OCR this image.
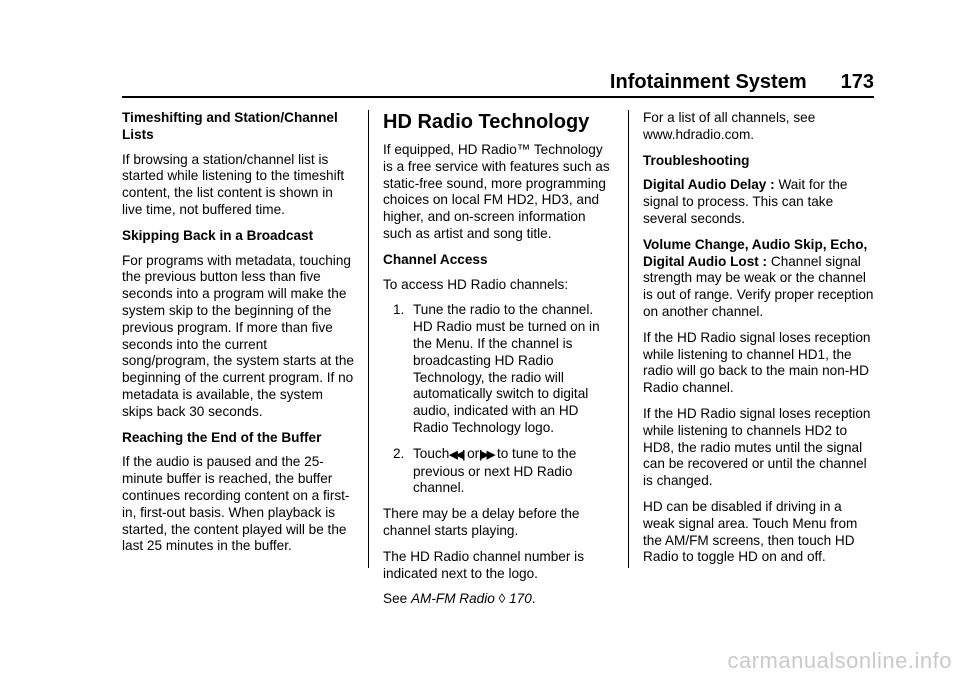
Infotainment System 173
Timeshifting and Station/Channel Lists

If browsing a station/channel list is started while listening to the timeshift content, the list content is shown in live time, not buffered time.

Skipping Back in a Broadcast

For programs with metadata, touching the previous button less than five seconds into a program will make the system skip to the beginning of the previous program. If more than five seconds into the current song/program, the system starts at the beginning of the current program. If no metadata is available, the system skips back 30 seconds.

Reaching the End of the Buffer

If the audio is paused and the 25-minute buffer is reached, the buffer continues recording content on a first-in, first-out basis. When playback is started, the content played will be the last 25 minutes in the buffer.

HD Radio Technology

If equipped, HD Radio™ Technology is a free service with features such as static-free sound, more programming choices on local FM HD2, HD3, and higher, and on-screen information such as artist and song title.

Channel Access

To access HD Radio channels:

1. Tune the radio to the channel. HD Radio must be turned on in the Menu. If the channel is broadcasting HD Radio Technology, the radio will automatically switch to digital audio, indicated with an HD Radio Technology logo.
2. Touch◀◀| or|▶▶ to tune to the previous or next HD Radio channel.

There may be a delay before the channel starts playing.

The HD Radio channel number is indicated next to the logo.

See AM-FM Radio ◊ 170.

For a list of all channels, see www.hdradio.com.

Troubleshooting

Digital Audio Delay : Wait for the signal to process. This can take several seconds.

Volume Change, Audio Skip, Echo, Digital Audio Lost : Channel signal strength may be weak or the channel is out of range. Verify proper reception on another channel.

If the HD Radio signal loses reception while listening to channel HD1, the radio will go back to the main non-HD Radio channel.

If the HD Radio signal loses reception while listening to channels HD2 to HD8, the radio mutes until the signal can be recovered or until the channel is changed.

HD can be disabled if driving in a weak signal area. Touch Menu from the AM/FM screens, then touch HD Radio to toggle HD on and off.

carmanualsonline.info
